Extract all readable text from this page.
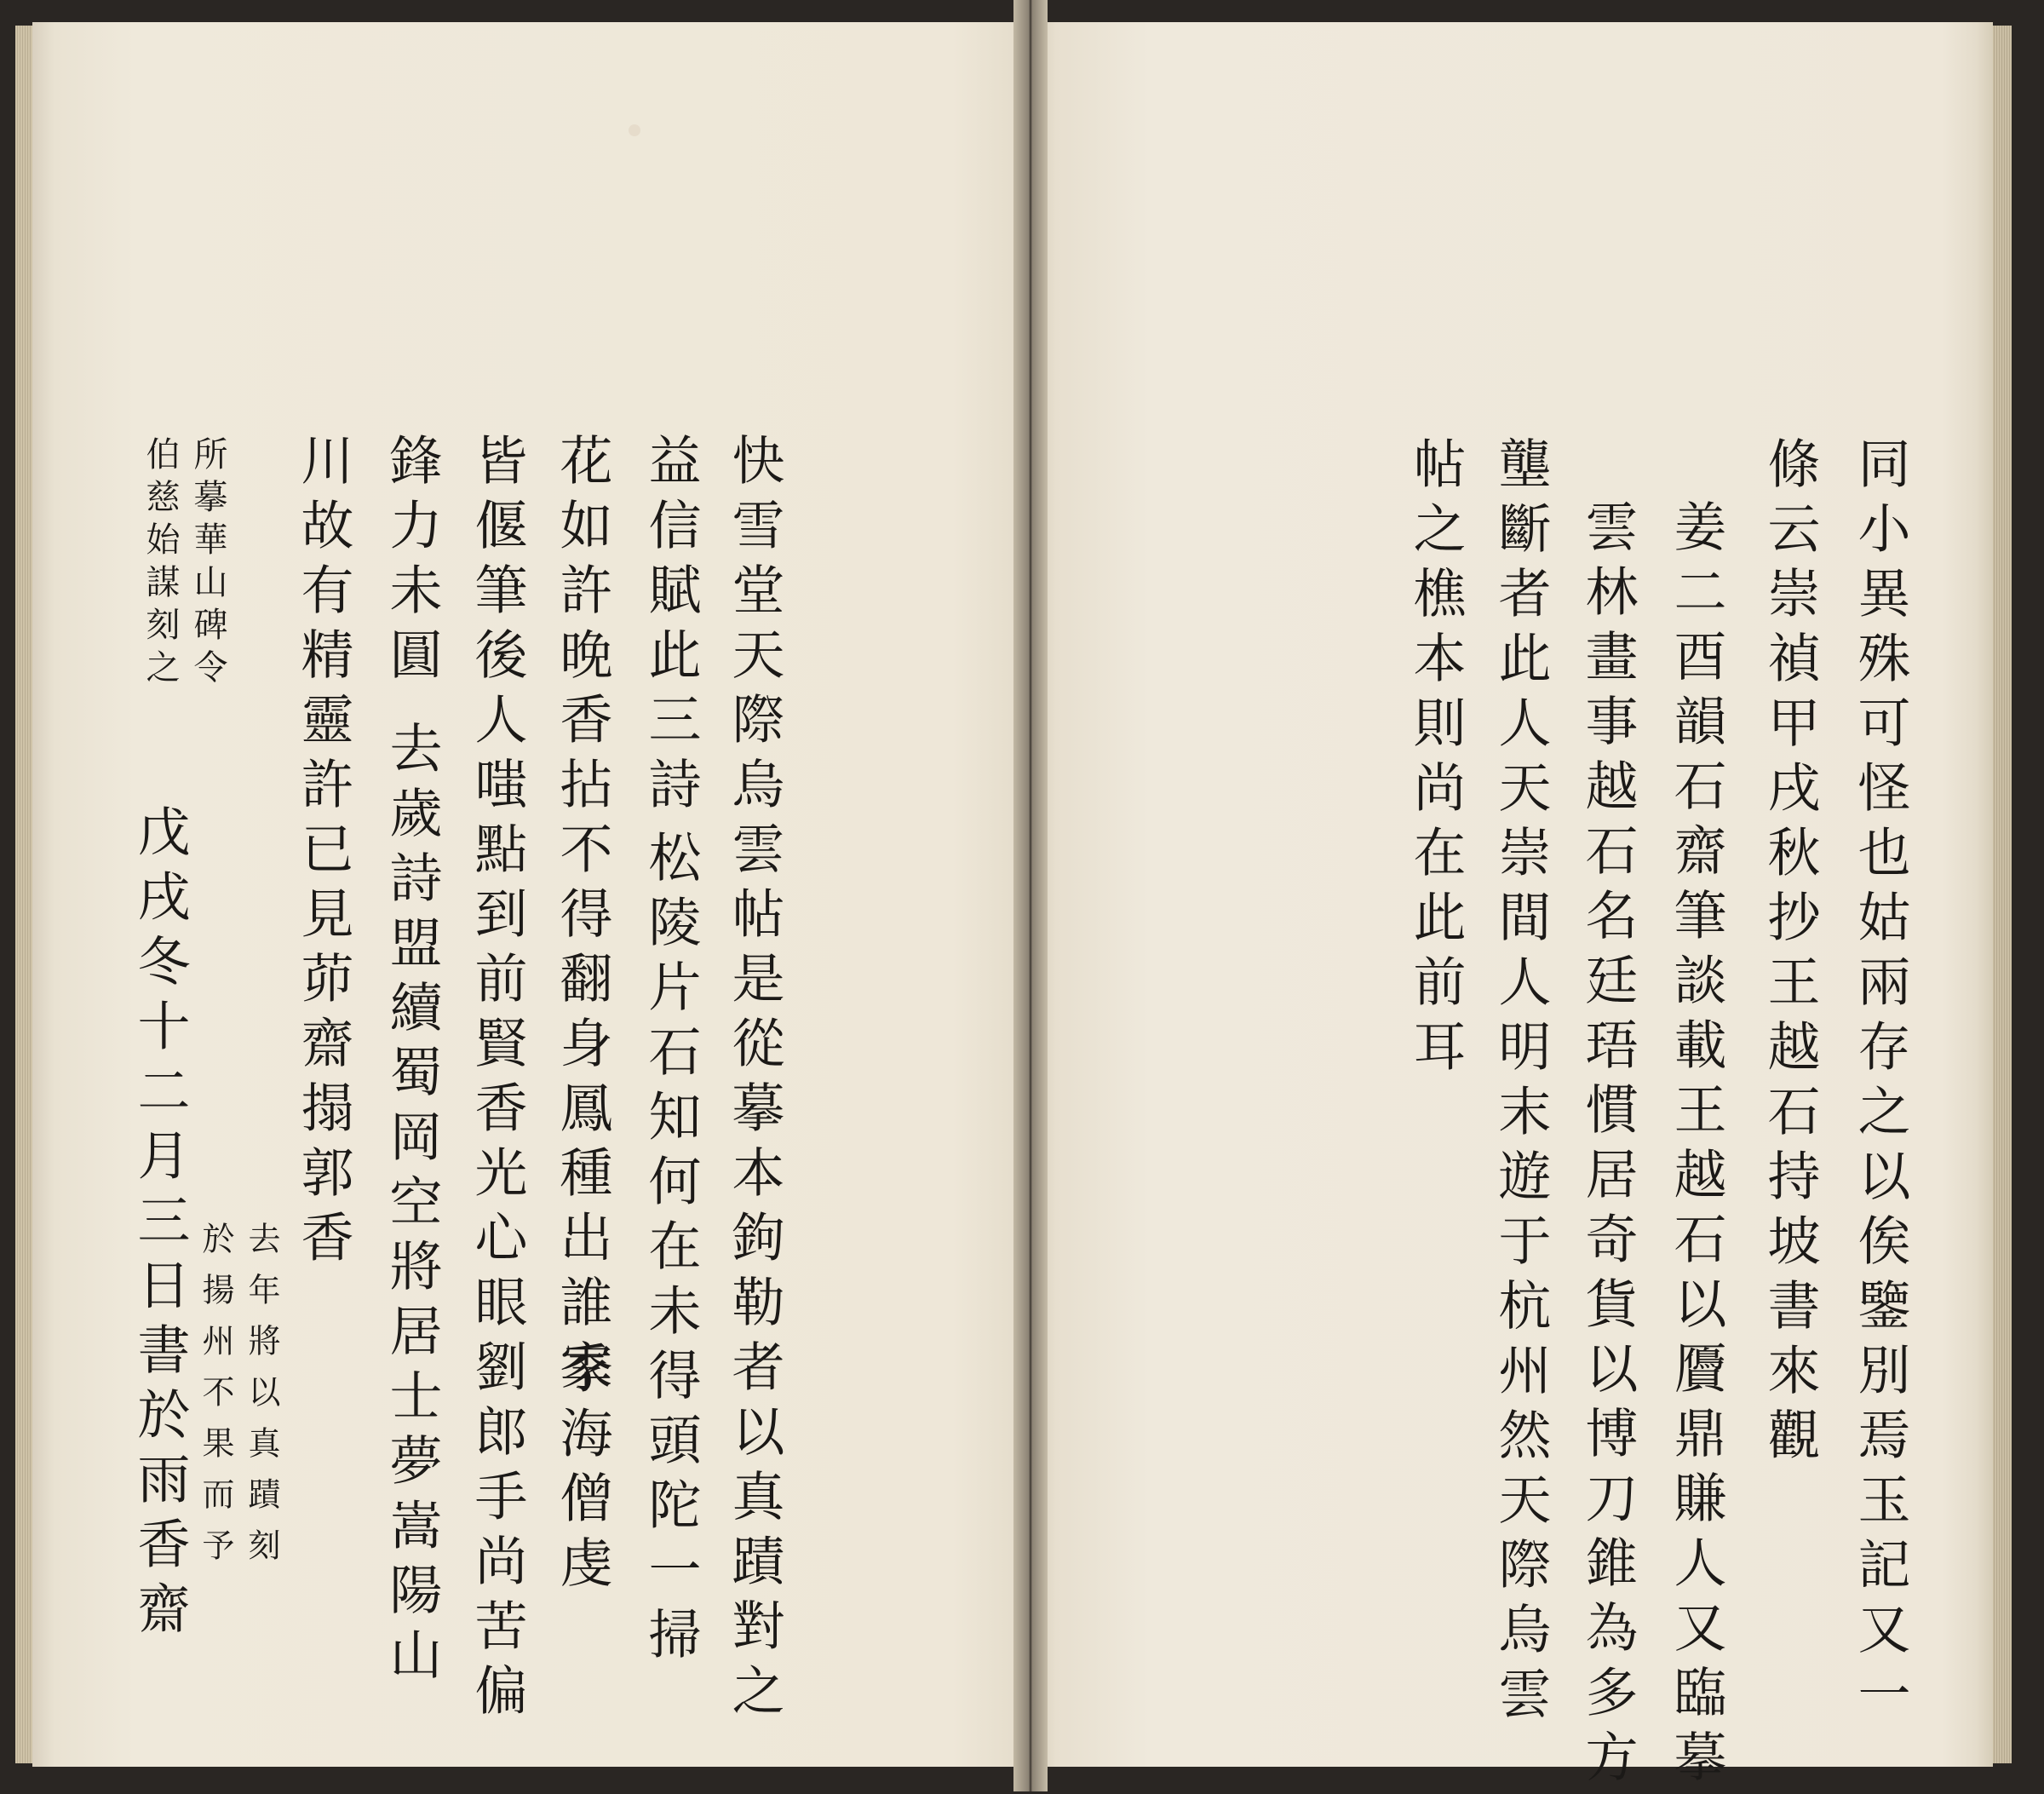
快雪堂天際烏雲帖是從摹本鉤勒者以真蹟對之
益信賦此三詩
松陵片石知何在未得頭陀一掃
花如許晚香拈不得翻身鳳種出誰家
季海僧虔
皆偃筆後人嗤點到前賢香光心眼劉郎手尚苦偏
鋒力未圓
去歲詩盟續蜀岡空將居士夢嵩陽山
川故有精靈許已見茆齋搨郭香
所摹華山碑令
伯慈始謀刻之
戊戌冬十二月三日書於雨香齋 去年將以真蹟刻
於揚州不果而予	同小異殊可怪也姑兩存之以俟鑒別焉玉記又一
條云崇禎甲戌秋抄王越石持坡書來觀
姜二酉韻石齋筆談載王越石以贗鼎賺人又臨摹
雲林畫事越石名廷珸慣居奇貨以博刀錐為多方
壟斷者此人天崇間人明末遊于杭州然天際烏雲
帖之樵本則尚在此前耳
